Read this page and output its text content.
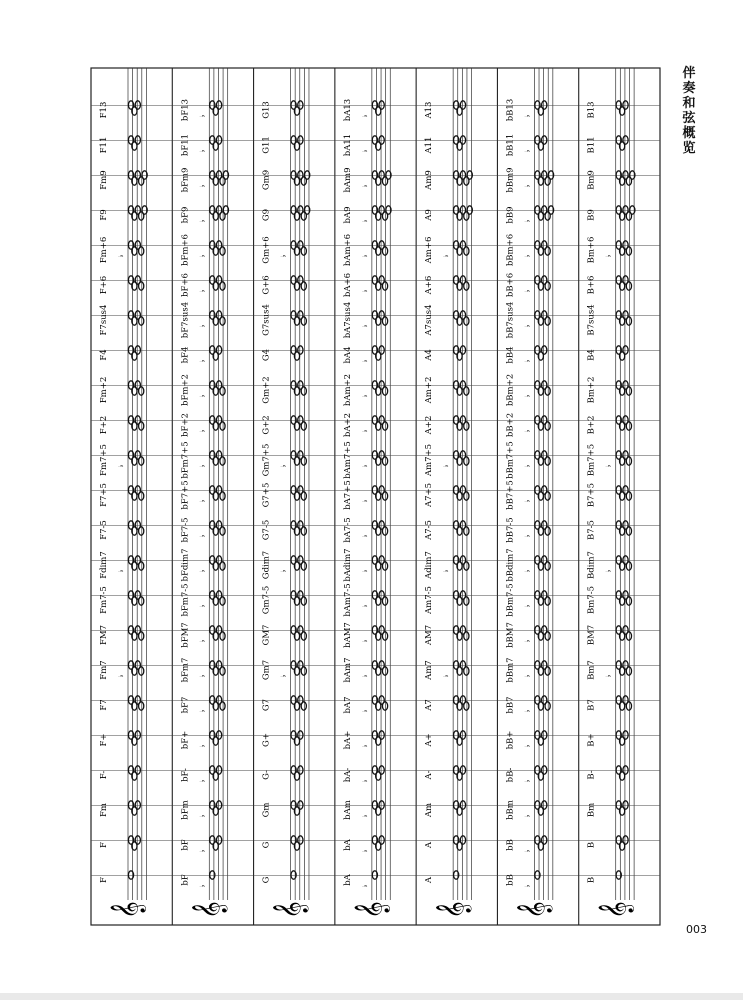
𝄞
F
F
Fm
F-
F+
F7
Fm7 ♭
FM7
Fm7-5
Fdim7 ♭
F7-5
F7+5
Fm7+5 ♭
F+2
Fm+2
F4
F7sus4
F+6
Fm+6 ♭
F9
Fm9
F11
F13
𝄞
bF
♭
bF
♭
bFm ♭
bF- ♭
bF+ ♭
bF7 ♭
bFm7 ♭
bFM7 ♭
bFm7-5 ♭
bFdim7 ♭
bF7-5 ♭
bF7+5 ♭
bFm7+5 ♭
bF+2 ♭
bFm+2 ♭
bF4 ♭
bF7sus4 ♭
bF+6 ♭
bFm+6 ♭
bF9 ♭
bFm9 ♭
bF11 ♭
bF13 ♭
𝄞
G
G
Gm
G-
G+
G7
Gm7 ♭
GM7
Gm7-5
Gdim7 ♭
G7-5
G7+5
Gm7+5 ♭
G+2
Gm+2
G4
G7sus4
G+6
Gm+6 ♭
G9
Gm9
G11
G13
𝄞
bA
♭
bA
♭
bAm ♭
bA- ♭
bA+ ♭
bA7 ♭
bAm7 ♭
bAM7 ♭
bAm7-5 ♭
bAdim7 ♭
bA7-5 ♭
bA7+5 ♭
bAm7+5 ♭
bA+2 ♭
bAm+2 ♭
bA4 ♭
bA7sus4 ♭
bA+6 ♭
bAm+6 ♭
bA9 ♭
bAm9 ♭
bA11 ♭
bA13 ♭
𝄞
A
A
Am
A-
A+
A7
Am7 ♭
AM7
Am7-5
Adim7 ♭
A7-5
A7+5
Am7+5 ♭
A+2
Am+2
A4
A7sus4
A+6
Am+6 ♭
A9
Am9
A11
A13
𝄞
bB
♭
bB
♭
bBm ♭
bB- ♭
bB+ ♭
bB7 ♭
bBm7 ♭
bBM7 ♭
bBm7-5 ♭
bBdim7 ♭
bB7-5 ♭
bB7+5 ♭
bBm7+5 ♭
bB+2 ♭
bBm+2 ♭
bB4 ♭
bB7sus4 ♭
bB+6 ♭
bBm+6 ♭
bB9 ♭
bBm9 ♭
bB11 ♭
bB13 ♭
𝄞
B
B
Bm
B-
B+
B7
Bm7 ♭
BM7
Bm7-5
Bdim7 ♭
B7-5
B7+5
Bm7+5 ♭
B+2
Bm+2
B4
B7sus4
B+6
Bm+6 ♭
B9
Bm9
B11
B13
伴奏和弦概览
003
